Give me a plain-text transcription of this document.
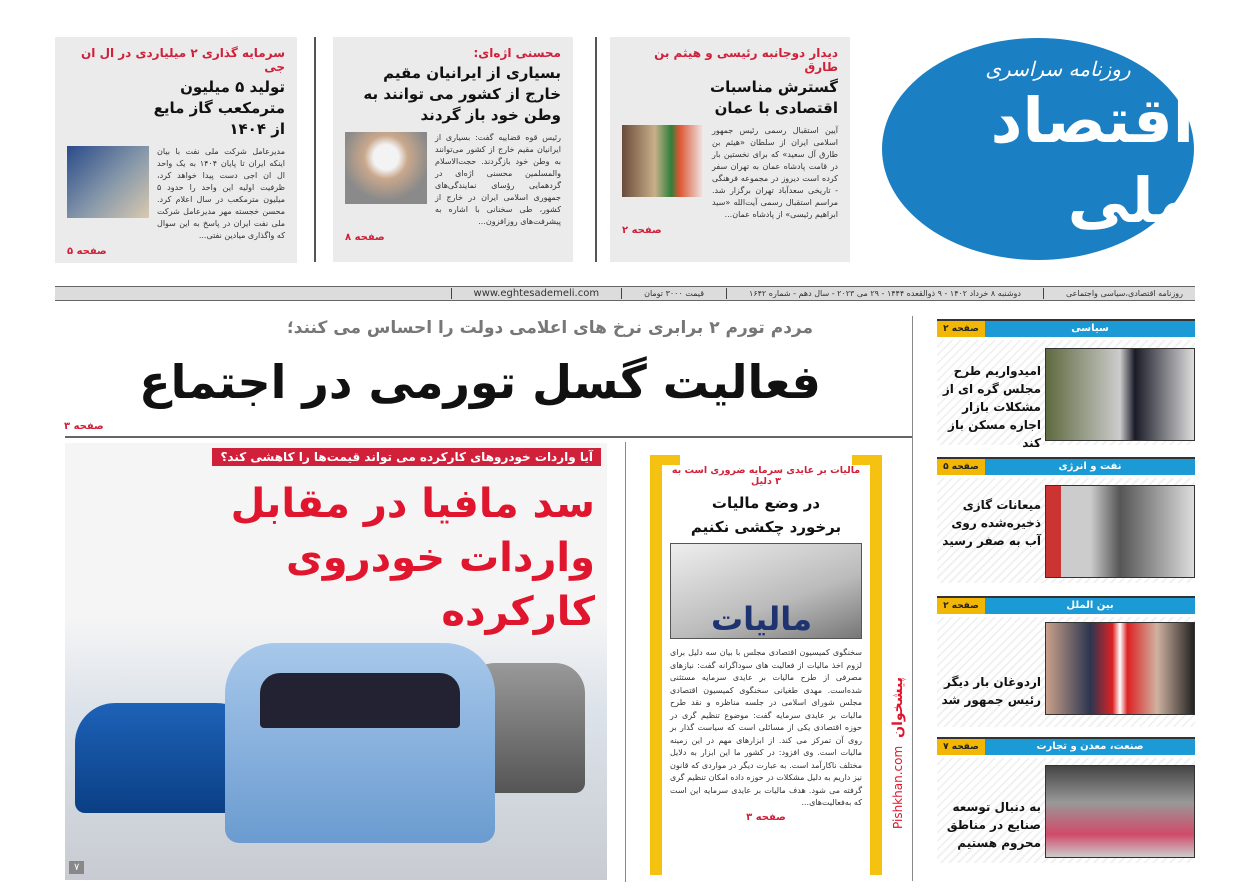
روزنامه سراسری
اقتصاد ملی
دیدار دوجانبه رئیسی و هیثم بن طارق
گسترش مناسبات اقتصادی با عمان
آیین استقبال رسمی رئیس جمهور اسلامی ایران از سلطان «هیثم بن طارق آل سعید» که برای نخستین بار در قامت پادشاه عمان به تهران سفر کرده است دیروز در مجموعه فرهنگی - تاریخی سعدآباد تهران برگزار شد. مراسم استقبال رسمی آیت‌الله «سید ابراهیم رئیسی» از پادشاه عمان...
صفحه ۲
محسنی اژه‌ای:
بسیاری از ایرانیان مقیم خارج از کشور می توانند به وطن خود باز گردند
رئیس قوه قضاییه گفت: بسیاری از ایرانیان مقیم خارج از کشور می‌توانند به وطن خود بازگردند. حجت‌الاسلام والمسلمین محسنی اژه‌ای در گردهمایی رؤسای نمایندگی‌های جمهوری اسلامی ایران در خارج از کشور، طی سخنانی با اشاره به پیشرفت‌های روزافزون...
صفحه ۸
سرمایه گذاری ۲ میلیاردی در ال ان جی
تولید ۵ میلیون مترمکعب گاز مایع از ۱۴۰۴
مدیرعامل شرکت ملی نفت با بیان اینکه ایران تا پایان ۱۴۰۴ به یک واحد ال ان اجی دست پیدا خواهد کرد، ظرفیت اولیه این واحد را حدود ۵ میلیون مترمکعب در سال اعلام کرد. محسن خجسته مهر مدیرعامل شرکت ملی نفت ایران در پاسخ به این سوال که واگذاری میادین نفتی...
صفحه ۵
روزنامه اقتصادی،سیاسی واجتماعی
دوشنبه ۸ خرداد ۱۴۰۲ - ۹ ذوالقعده ۱۴۴۴ - ۲۹ می ۲۰۲۳ - سال دهم - شماره ۱۶۴۲
قیمت ۳۰۰۰ تومان
www.eghtesademeli.com
مردم تورم ۲ برابری نرخ های اعلامی دولت را احساس می کنند؛
فعالیت گسل تورمی در اجتماع
صفحه ۳
آیا واردات خودروهای کارکرده می تواند قیمت‌ها را کاهشی کند؟
سد مافیا در مقابل واردات خودروی کارکرده
۷
مالیات بر عایدی سرمایه ضروری است به ۳ دلیل
در وضع مالیات برخورد چکشی نکنیم
مالیات
سخنگوی کمیسیون اقتصادی مجلس با بیان سه دلیل برای لزوم اخذ مالیات از فعالیت های سوداگرانه گفت: نیازهای مصرفی از طرح مالیات بر عایدی سرمایه مستثنی شده‌است. مهدی طغیانی سخنگوی کمیسیون اقتصادی مجلس شورای اسلامی در جلسه مناظره و نقد طرح مالیات بر عایدی سرمایه گفت: موضوع تنظیم گری در حوزه اقتصادی یکی از مسائلی است که سیاست گذار بر روی آن تمرکز می کند. از ابزارهای مهم در این زمینه مالیات است. وی افزود: در کشور ما این ابزار به دلایل مختلف ناکارآمد است. به عبارت دیگر در مواردی که قانون نیز داریم به دلیل مشکلات در حوزه داده امکان تنظیم گری گرفته می شود. هدف مالیات بر عایدی سرمایه این است که به‌فعالیت‌های...
صفحه ۳
سیاسی
صفحه ۲
امیدواریم طرح مجلس گره ای از مشکلات بازار اجاره مسکن باز کند
نفت و انرژی
صفحه ۵
میعانات گازی ذخیره‌شده روی آب به صفر رسید
بین الملل
صفحه ۲
اردوغان بار دیگر رئیس جمهور شد
صنعت، معدن و تجارت
صفحه ۷
به دنبال توسعه صنایع در مناطق محروم هستیم
پیشخوان
Pishkhan.com
